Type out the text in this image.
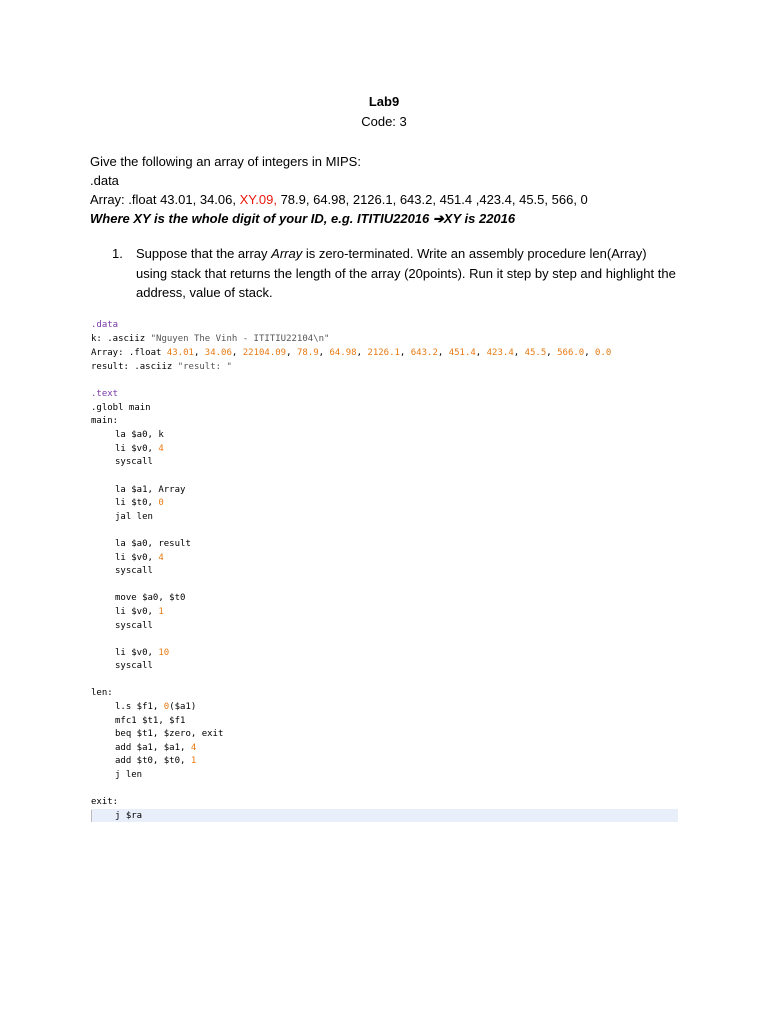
Lab9
Code: 3
Give the following an array of integers in MIPS:
.data
Array: .float 43.01, 34.06, XY.09, 78.9, 64.98, 2126.1, 643.2, 451.4 ,423.4, 45.5, 566, 0
Where XY is the whole digit of your ID, e.g. ITITIU22016 ➔XY is 22016
1. Suppose that the array Array is zero-terminated. Write an assembly procedure len(Array) using stack that returns the length of the array (20points). Run it step by step and highlight the address, value of stack.
.data
k: .asciiz "Nguyen The Vinh - ITITIU22104\n"
Array: .float 43.01, 34.06, 22104.09, 78.9, 64.98, 2126.1, 643.2, 451.4, 423.4, 45.5, 566.0, 0.0
result: .asciiz "result: "
.text
.globl main
main:
la $a0, k
li $v0, 4
syscall
la $a1, Array
li $t0, 0
jal len
la $a0, result
li $v0, 4
syscall
move $a0, $t0
li $v0, 1
syscall
li $v0, 10
syscall
len:
l.s $f1, 0($a1)
mfc1 $t1, $f1
beq $t1, $zero, exit
add $a1, $a1, 4
add $t0, $t0, 1
j len
exit:
j $ra
